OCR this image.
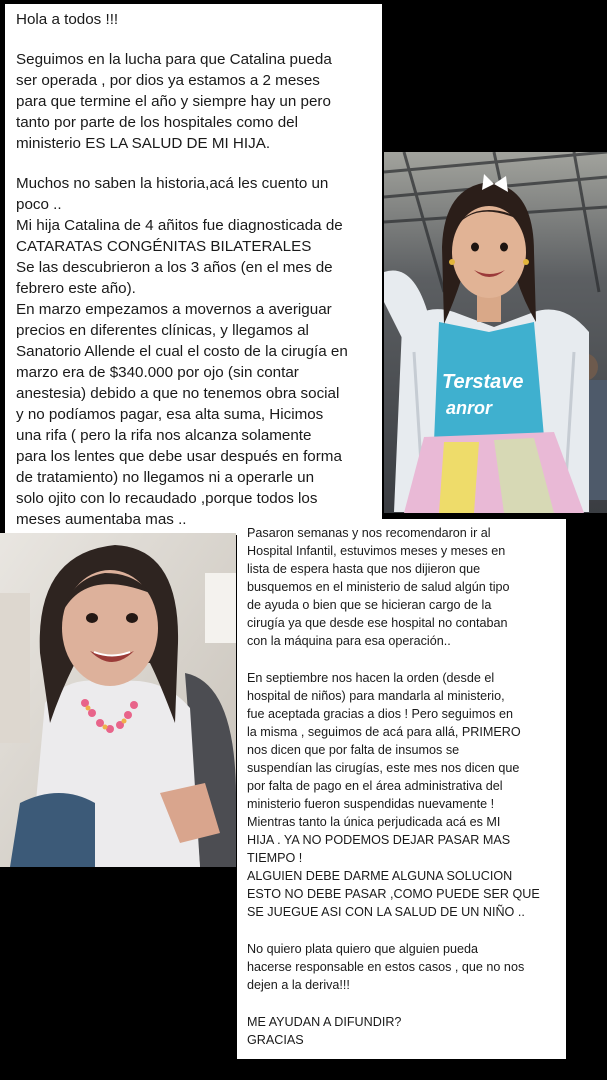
Hola a todos !!!

Seguimos en la lucha para que Catalina pueda
ser operada , por dios ya estamos a 2 meses
para que termine el año y siempre hay un pero
tanto por parte de los hospitales como del
ministerio ES LA SALUD DE MI HIJA.

Muchos no saben la historia,acá les cuento un
poco ..
Mi hija Catalina de 4 añitos fue diagnosticada de
CATARATAS CONGÉNITAS BILATERALES
Se las descubrieron a los 3 años (en el mes de
febrero este año).
En marzo empezamos a movernos a averiguar
precios en diferentes clínicas, y llegamos al
Sanatorio Allende el cual el costo de la cirugía en
marzo era de $340.000 por ojo (sin contar
anestesia) debido a que no tenemos obra social
y no podíamos pagar, esa alta suma, Hicimos
una rifa ( pero la rifa nos alcanza solamente
para los lentes que debe usar después en forma
de tratamiento) no llegamos ni a operarle un
solo ojito con lo recaudado ,porque todos los
meses aumentaba mas ..

Terstave
anror

Pasaron semanas y nos recomendaron ir al
Hospital Infantil, estuvimos meses y meses en
lista de espera hasta que nos dijieron que
busquemos en el ministerio de salud algún tipo
de ayuda o bien que se hicieran cargo de la
cirugía ya que desde ese hospital no contaban
con la máquina para esa operación..

En septiembre nos hacen la orden (desde el
hospital de niños) para mandarla al ministerio,
fue aceptada gracias a dios ! Pero seguimos en
la misma , seguimos de acá para allá, PRIMERO
nos dicen que por falta de insumos se
suspendían las cirugías, este mes nos dicen que
por falta de pago en el área administrativa del
ministerio fueron suspendidas nuevamente !
Mientras tanto la única perjudicada acá es MI
HIJA . YA NO PODEMOS DEJAR PASAR MAS
TIEMPO !
ALGUIEN DEBE DARME ALGUNA SOLUCION
ESTO NO DEBE PASAR ,COMO PUEDE SER QUE
SE JUEGUE ASI CON LA SALUD DE UN NIÑO ..

No quiero plata quiero que alguien pueda
hacerse responsable en estos casos , que no nos
dejen a la deriva!!!

ME AYUDAN A DIFUNDIR?
GRACIAS
